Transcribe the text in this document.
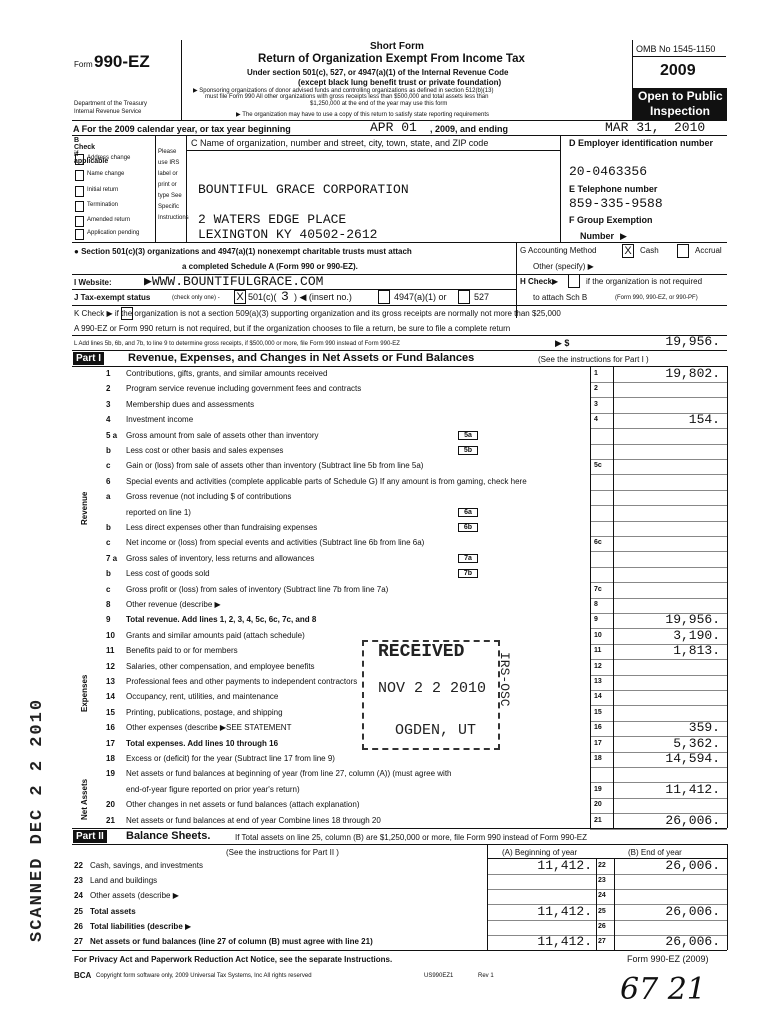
Form 990-EZ
Department of the Treasury
Internal Revenue Service
Short Form
Return of Organization Exempt From Income Tax
Under section 501(c), 527, or 4947(a)(1) of the Internal Revenue Code
(except black lung benefit trust or private foundation)
▶ Sponsoring organizations of donor advised funds and controlling organizations as defined in section 512(b)(13)
must file Form 990 All other organizations with gross receipts less than $500,000 and total assets less than
$1,250,000 at the end of the year may use this form
▶ The organization may have to use a copy of this return to satisfy state reporting requirements
OMB No 1545-1150
2009
Open to Public
Inspection
A For the 2009 calendar year, or tax year beginning	APR 01 , 2009, and ending	MAR 31, 2010
B Check if applicable
Address change
Name change
Initial return
Termination
Amended return
Application pending
Please use IRS label or print or type See Specific Instructions
C Name of organization, number and street, city, town, state, and ZIP code
BOUNTIFUL GRACE CORPORATION
2 WATERS EDGE PLACE
LEXINGTON KY 40502-2612
D Employer identification number
20-0463356
E Telephone number
859-335-9588
F Group Exemption
Number ▶
● Section 501(c)(3) organizations and 4947(a)(1) nonexempt charitable trusts must attach
a completed Schedule A (Form 990 or 990-EZ).
G Accounting Method	X Cash	Accrual
Other (specify) ▶
I Website: ▶WWW.BOUNTIFULGRACE.COM	H Check▶	if the organization is not required
J Tax-exempt status	(check only one) - X 501(c)( 3 ) ◀ (insert no.)	4947(a)(1) or	527	to attach Sch B	(Form 990, 990-EZ, or 990-PF)
K Check ▶ if the organization is not a section 509(a)(3) supporting organization and its gross receipts are normally not more than $25,000
A 990-EZ or Form 990 return is not required, but if the organization chooses to file a return, be sure to file a complete return
L Add lines 5b, 6b, and 7b, to line 9 to determine gross receipts, if $500,000 or more, file Form 990 instead of Form 990-EZ	▶ $	19,956.
Part I Revenue, Expenses, and Changes in Net Assets or Fund Balances	(See the instructions for Part I )
Revenue
Expenses
Net Assets
1 Contributions, gifts, grants, and similar amounts received	1	19,802.
2 Program service revenue including government fees and contracts	2
3 Membership dues and assessments	3
4 Investment income	4	154.
5 a Gross amount from sale of assets other than inventory	5a
b Less cost or other basis and sales expenses	5b
c Gain or (loss) from sale of assets other than inventory (Subtract line 5b from line 5a)	5c
6 Special events and activities (complete applicable parts of Schedule G) If any amount is from gaming, check here
a Gross revenue (not including $ of contributions
reported on line 1)	6a
b Less direct expenses other than fundraising expenses	6b
c Net income or (loss) from special events and activities (Subtract line 6b from line 6a)	6c
7 a Gross sales of inventory, less returns and allowances	7a
b Less cost of goods sold	7b
c Gross profit or (loss) from sales of inventory (Subtract line 7b from line 7a)	7c
8 Other revenue (describe ▶	8
9 Total revenue. Add lines 1, 2, 3, 4, 5c, 6c, 7c, and 8	9	19,956.
10 Grants and similar amounts paid (attach schedule)	10	3,190.
11 Benefits paid to or for members	11	1,813.
12 Salaries, other compensation, and employee benefits	12
13 Professional fees and other payments to independent contractors	13
14 Occupancy, rent, utilities, and maintenance	14
15 Printing, publications, postage, and shipping	15
16 Other expenses (describe ▶SEE STATEMENT	16	359.
17 Total expenses. Add lines 10 through 16	17	5,362.
18 Excess or (deficit) for the year (Subtract line 17 from line 9)	18	14,594.
19 Net assets or fund balances at beginning of year (from line 27, column (A)) (must agree with
end-of-year figure reported on prior year's return)	19	11,412.
20 Other changes in net assets or fund balances (attach explanation)	20
21 Net assets or fund balances at end of year Combine lines 18 through 20	21	26,006.
Part II Balance Sheets.	If Total assets on line 25, column (B) are $1,250,000 or more, file Form 990 instead of Form 990-EZ
(See the instructions for Part II )	(A) Beginning of year	(B) End of year
22 Cash, savings, and investments	11,412. 22	26,006.
23 Land and buildings	23
24 Other assets (describe ▶	24
25 Total assets	11,412. 25	26,006.
26 Total liabilities (describe ▶	26
27 Net assets or fund balances (line 27 of column (B) must agree with line 21)	11,412. 27	26,006.
For Privacy Act and Paperwork Reduction Act Notice, see the separate Instructions.	Form 990-EZ (2009)
BCA Copyright form software only, 2009 Universal Tax Systems, Inc All rights reserved	US990EZ1	Rev 1	67 21
RECEIVED
NOV 2 2 2010
OGDEN, UT
IRS-OSC
SCANNED DEC 2 2 2010
